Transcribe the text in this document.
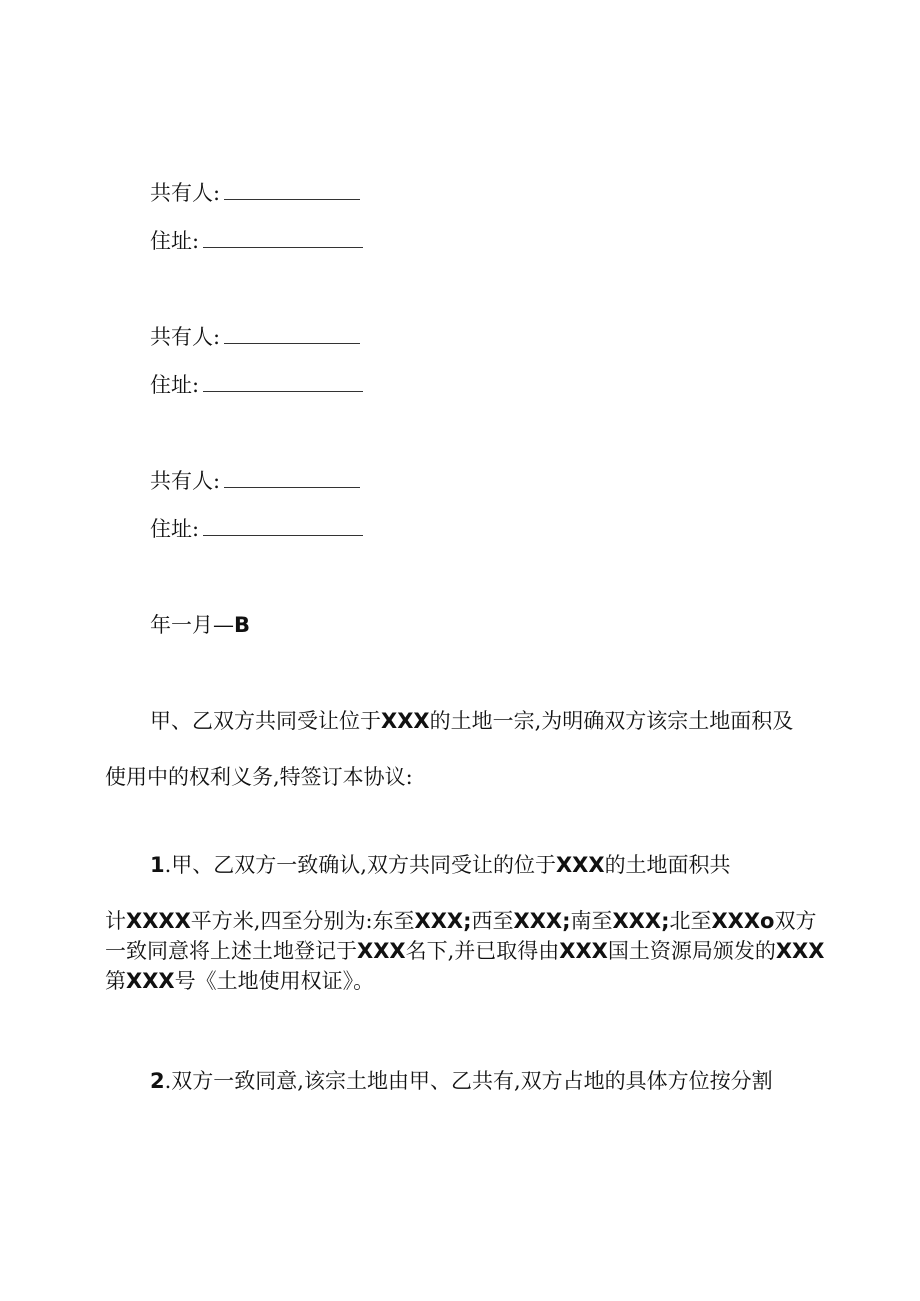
共有人:
住址:
共有人:
住址:
共有人:
住址:
年一月—B
甲、乙双方共同受让位于XXX的土地一宗,为明确双方该宗土地面积及
使用中的权利义务,特签订本协议:
1.甲、乙双方一致确认,双方共同受让的位于XXX的土地面积共
计XXXX平方米,四至分别为:东至XXX;西至XXX;南至XXX;北至XXXo双方
一致同意将上述土地登记于XXX名下,并已取得由XXX国土资源局颁发的XXX
第XXX号《土地使用权证》。
2.双方一致同意,该宗土地由甲、乙共有,双方占地的具体方位按分割
